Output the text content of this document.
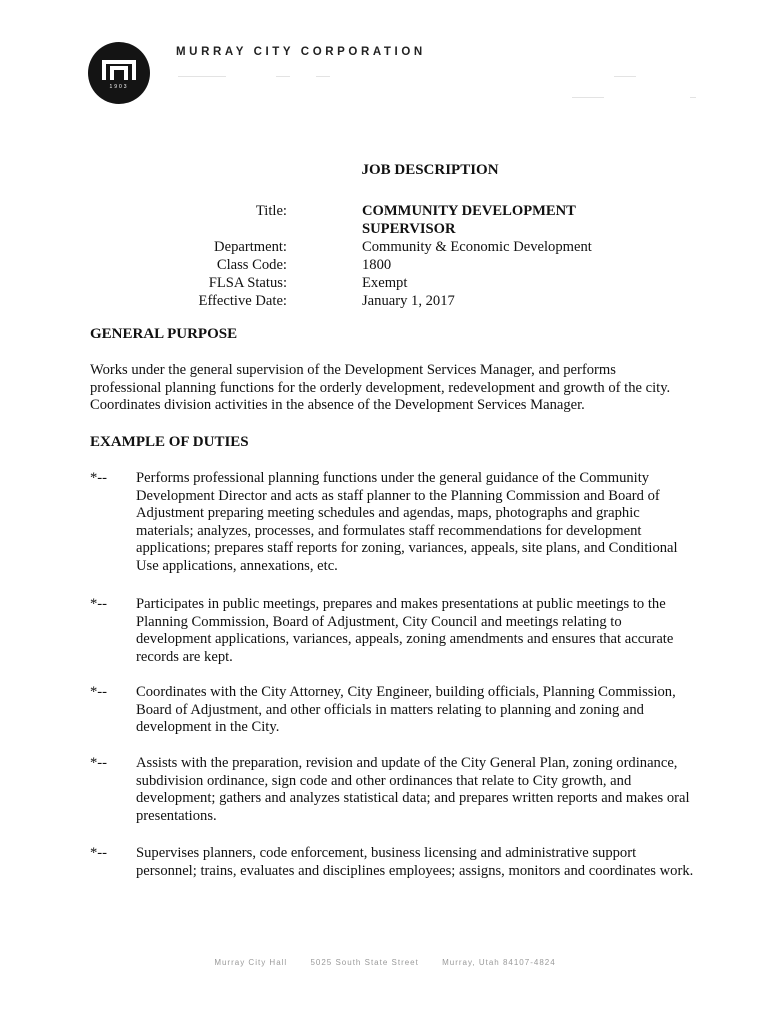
1903
MURRAY CITY CORPORATION
JOB DESCRIPTION
Title:	COMMUNITY DEVELOPMENT
SUPERVISOR
Department:	Community & Economic Development
Class Code:	1800
FLSA Status:	Exempt
Effective Date:	January 1, 2017
GENERAL PURPOSE
Works under the general supervision of the Development Services Manager, and performs professional planning functions for the orderly development, redevelopment and growth of the city. Coordinates division activities in the absence of the Development Services Manager.
EXAMPLE OF DUTIES
*-- Performs professional planning functions under the general guidance of the Community Development Director and acts as staff planner to the Planning Commission and Board of Adjustment preparing meeting schedules and agendas, maps, photographs and graphic materials; analyzes, processes, and formulates staff recommendations for development applications; prepares staff reports for zoning, variances, appeals, site plans, and Conditional Use applications, annexations, etc.
*-- Participates in public meetings, prepares and makes presentations at public meetings to the Planning Commission, Board of Adjustment, City Council and meetings relating to development applications, variances, appeals, zoning amendments and ensures that accurate records are kept.
*-- Coordinates with the City Attorney, City Engineer, building officials, Planning Commission, Board of Adjustment, and other officials in matters relating to planning and zoning and development in the City.
*-- Assists with the preparation, revision and update of the City General Plan, zoning ordinance, subdivision ordinance, sign code and other ordinances that relate to City growth, and development; gathers and analyzes statistical data; and prepares written reports and makes oral presentations.
*-- Supervises planners, code enforcement, business licensing and administrative support personnel; trains, evaluates and disciplines employees; assigns, monitors and coordinates work.
Murray City Hall	5025 South State Street	Murray, Utah 84107-4824
